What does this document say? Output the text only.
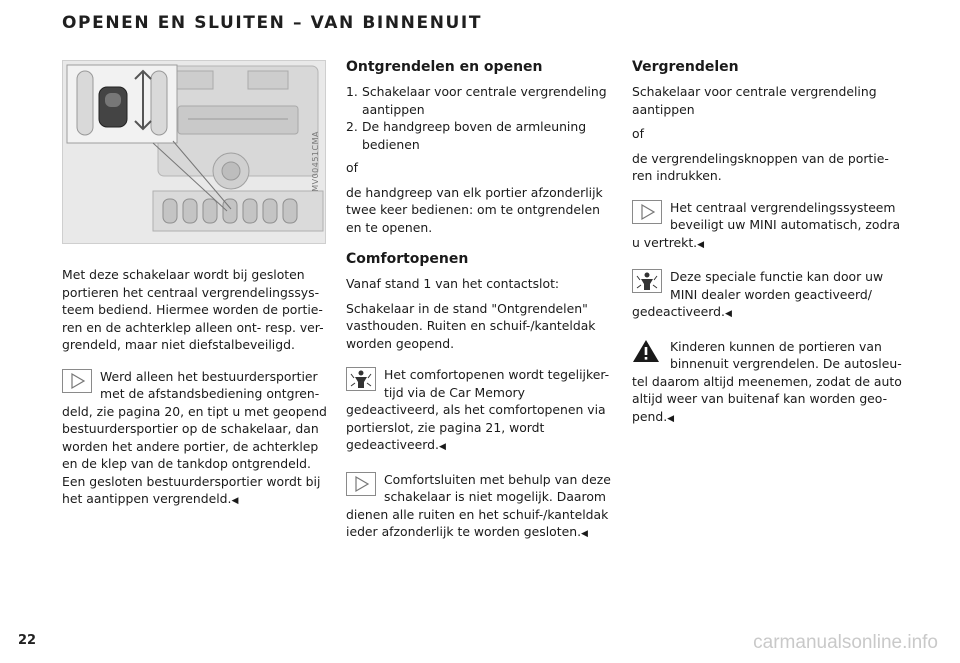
OPENEN EN SLUITEN – VAN BINNENUIT
MV00451CMA

Met deze schakelaar wordt bij gesloten portieren het centraal vergrendelingssys-teem bediend. Hiermee worden de portie-ren en de achterklep alleen ont- resp. ver-grendeld, maar niet diefstalbeveiligd.

Werd alleen het bestuurdersportier met de afstandsbediening ontgren-deld, zie pagina 20, en tipt u met geopend bestuurdersportier op de schakelaar, dan worden het andere portier, de achterklep en de klep van de tankdop ontgrendeld. Een gesloten bestuurdersportier wordt bij het aantippen vergrendeld.◀
Ontgrendelen en openen
1. Schakelaar voor centrale vergrendeling aantippen
2. De handgreep boven de armleuning bedienen

of

de handgreep van elk portier afzonderlijk twee keer bedienen: om te ontgrendelen en te openen.

Comfortopenen

Vanaf stand 1 van het contactslot:

Schakelaar in de stand "Ontgrendelen" vasthouden. Ruiten en schuif-/kanteldak worden geopend.

Het comfortopenen wordt tegelijker-tijd via de Car Memory gedeactiveerd, als het comfortopenen via portierslot, zie pagina 21, wordt gedeactiveerd.◀
Comfortsluiten met behulp van deze schakelaar is niet mogelijk. Daarom dienen alle ruiten en het schuif-/kanteldak ieder afzonderlijk te worden gesloten.◀
Vergrendelen

Schakelaar voor centrale vergrendeling aantippen

of

de vergrendelingsknoppen van de portie-ren indrukken.

Het centraal vergrendelingssysteem beveiligt uw MINI automatisch, zodra u vertrekt.◀
Deze speciale functie kan door uw MINI dealer worden geactiveerd/ gedeactiveerd.◀
Kinderen kunnen de portieren van binnenuit vergrendelen. De autosleu-tel daarom altijd meenemen, zodat de auto altijd weer van buitenaf kan worden geo-pend.◀
22	carmanualsonline.info
